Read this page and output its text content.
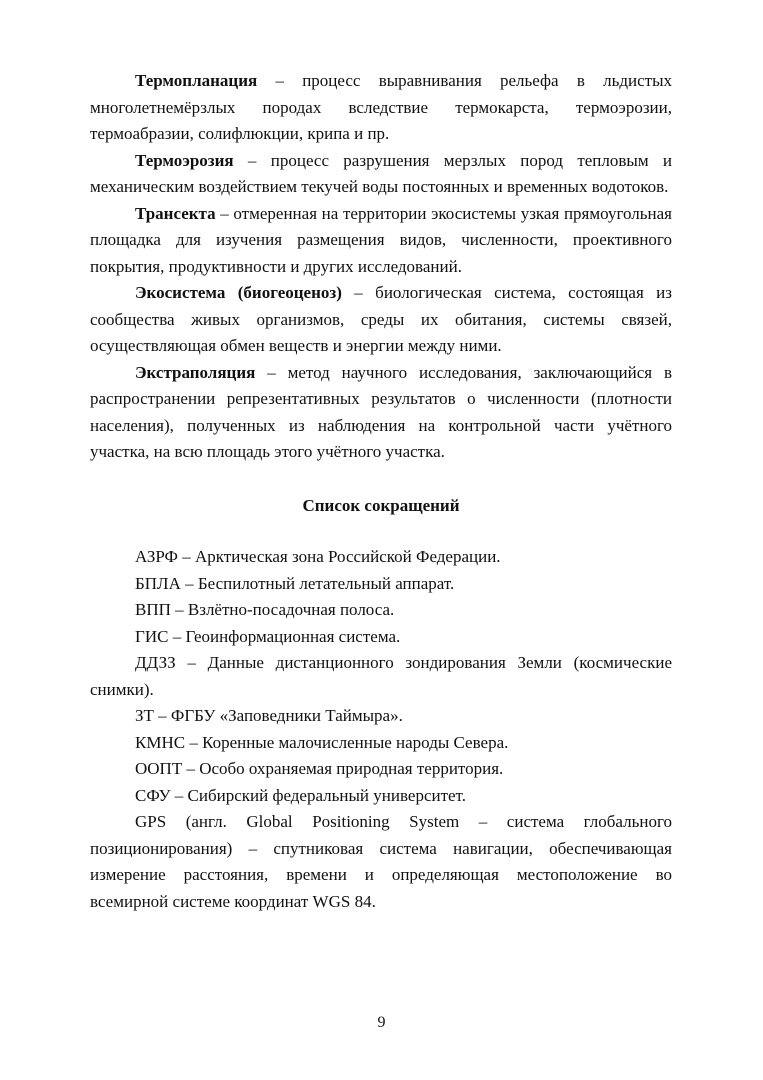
Термопланация – процесс выравнивания рельефа в льдистых многолетнемёрзлых породах вследствие термокарста, термоэрозии, термоабразии, солифлюкции, крипа и пр.

Термоэрозия – процесс разрушения мерзлых пород тепловым и механическим воздействием текучей воды постоянных и временных водотоков.

Трансекта – отмеренная на территории экосистемы узкая прямоугольная площадка для изучения размещения видов, численности, проективного покрытия, продуктивности и других исследований.

Экосистема (биогеоценоз) – биологическая система, состоящая из сообщества живых организмов, среды их обитания, системы связей, осуществляющая обмен веществ и энергии между ними.

Экстраполяция – метод научного исследования, заключающийся в распространении репрезентативных результатов о численности (плотности населения), полученных из наблюдения на контрольной части учётного участка, на всю площадь этого учётного участка.

Список сокращений

АЗРФ – Арктическая зона Российской Федерации.

БПЛА – Беспилотный летательный аппарат.

ВПП – Взлётно-посадочная полоса.

ГИС – Геоинформационная система.

ДДЗЗ – Данные дистанционного зондирования Земли (космические снимки).

ЗТ – ФГБУ «Заповедники Таймыра».

КМНС – Коренные малочисленные народы Севера.

ООПТ – Особо охраняемая природная территория.

СФУ – Сибирский федеральный университет.

GPS (англ. Global Positioning System – система глобального позиционирования) – спутниковая система навигации, обеспечивающая измерение расстояния, времени и определяющая местоположение во всемирной системе координат WGS 84.

9
